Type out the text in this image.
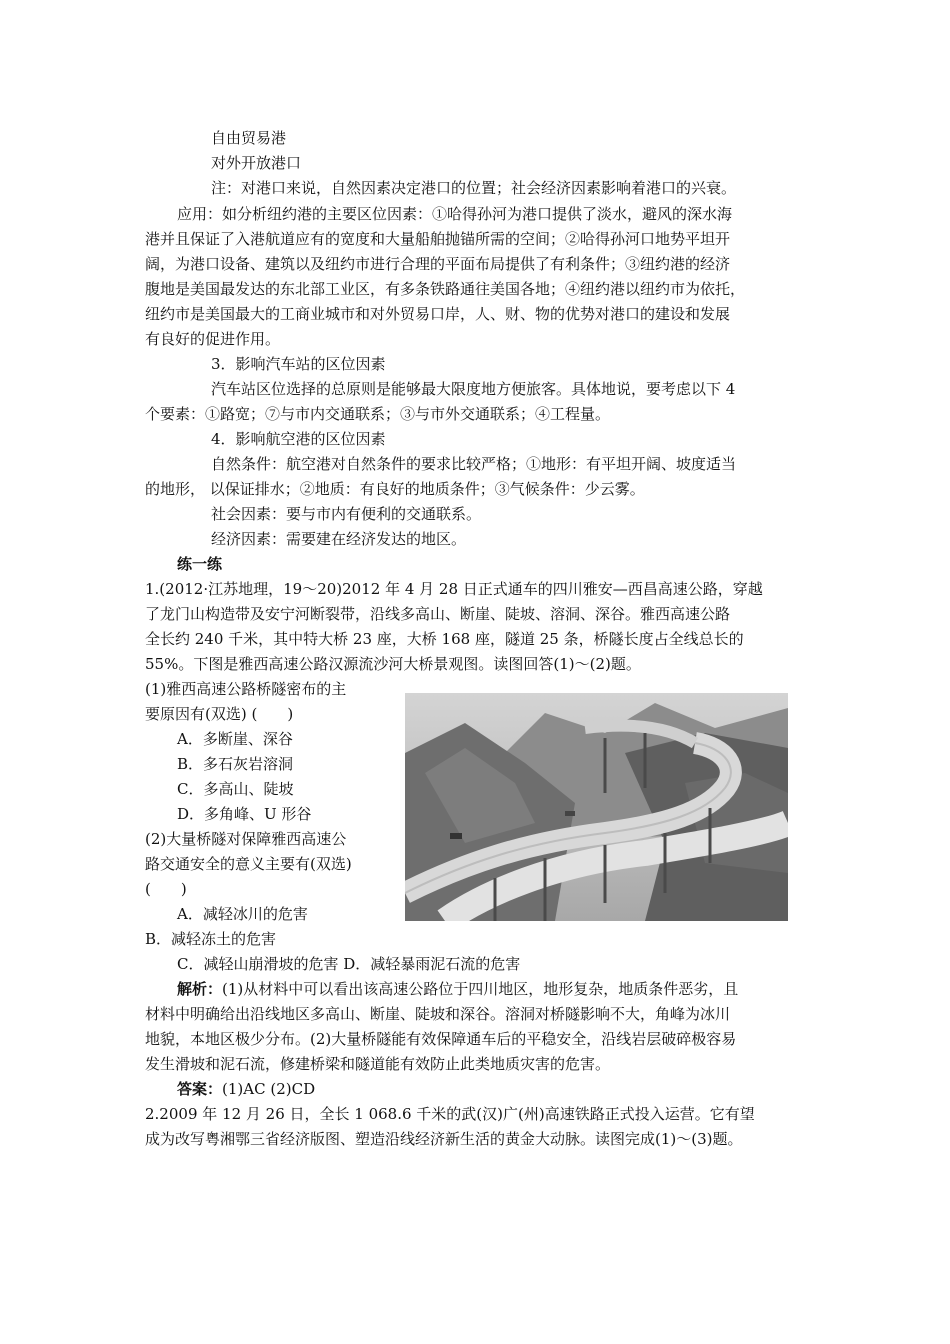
自由贸易港
对外开放港口
注：对港口来说，自然因素决定港口的位置；社会经济因素影响着港口的兴衰。
应用：如分析纽约港的主要区位因素：①哈得孙河为港口提供了淡水，避风的深水海
港并且保证了入港航道应有的宽度和大量船舶抛锚所需的空间；②哈得孙河口地势平坦开
阔，为港口设备、建筑以及纽约市进行合理的平面布局提供了有利条件；③纽约港的经济
腹地是美国最发达的东北部工业区，有多条铁路通往美国各地；④纽约港以纽约市为依托，
纽约市是美国最大的工商业城市和对外贸易口岸，人、财、物的优势对港口的建设和发展
有良好的促进作用。
3．影响汽车站的区位因素
汽车站区位选择的总原则是能够最大限度地方便旅客。具体地说，要考虑以下 4
个要素：①路宽；⑦与市内交通联系；③与市外交通联系；④工程量。
4．影响航空港的区位因素
自然条件：航空港对自然条件的要求比较严格；①地形：有平坦开阔、坡度适当
的地形， 以保证排水；②地质：有良好的地质条件；③气候条件：少云雾。
社会因素：要与市内有便利的交通联系。
经济因素：需要建在经济发达的地区。
练一练
1.(2012·江苏地理，19～20)2012 年 4 月 28 日正式通车的四川雅安—西昌高速公路，穿越
了龙门山构造带及安宁河断裂带，沿线多高山、断崖、陡坡、溶洞、深谷。雅西高速公路
全长约 240 千米，其中特大桥 23 座，大桥 168 座，隧道 25 条，桥隧长度占全线总长的
55%。下图是雅西高速公路汉源流沙河大桥景观图。读图回答(1)～(2)题。
(1)雅西高速公路桥隧密布的主
要原因有(双选) (　　)
A．多断崖、深谷
B．多石灰岩溶洞
C．多高山、陡坡
D．多角峰、U 形谷
(2)大量桥隧对保障雅西高速公
路交通安全的意义主要有(双选)
(　　)
A．减轻冰川的危害
B．减轻冻土的危害
C．减轻山崩滑坡的危害 D．减轻暴雨泥石流的危害
解析：(1)从材料中可以看出该高速公路位于四川地区，地形复杂，地质条件恶劣，且
材料中明确给出沿线地区多高山、断崖、陡坡和深谷。溶洞对桥隧影响不大，角峰为冰川
地貌，本地区极少分布。(2)大量桥隧能有效保障通车后的平稳安全，沿线岩层破碎极容易
发生滑坡和泥石流，修建桥梁和隧道能有效防止此类地质灾害的危害。
答案：(1)AC (2)CD
2.2009 年 12 月 26 日，全长 1 068.6 千米的武(汉)广(州)高速铁路正式投入运营。它有望
成为改写粤湘鄂三省经济版图、塑造沿线经济新生活的黄金大动脉。读图完成(1)～(3)题。
